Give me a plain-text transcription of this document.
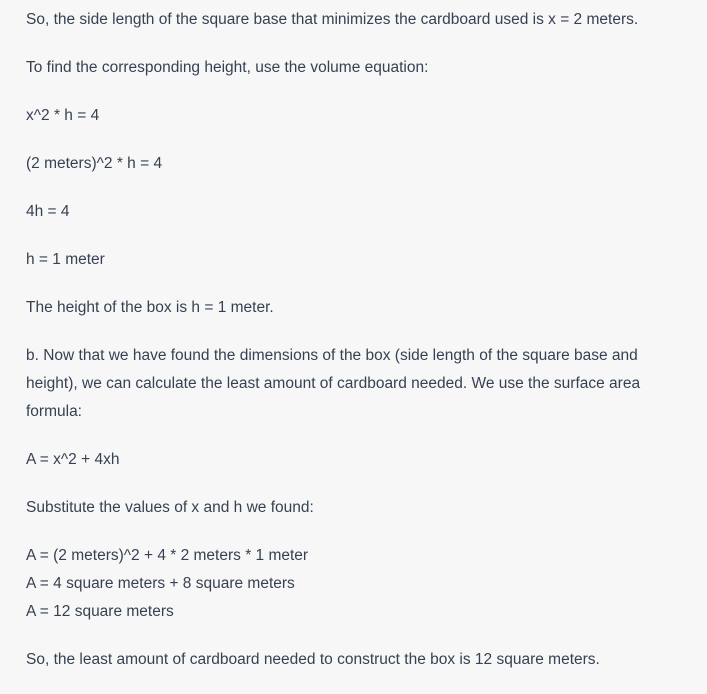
So, the side length of the square base that minimizes the cardboard used is x = 2 meters.

To find the corresponding height, use the volume equation:

x^2 * h = 4

(2 meters)^2 * h = 4

4h = 4

h = 1 meter

The height of the box is h = 1 meter.

b. Now that we have found the dimensions of the box (side length of the square base and height), we can calculate the least amount of cardboard needed. We use the surface area formula:

A = x^2 + 4xh

Substitute the values of x and h we found:

A = (2 meters)^2 + 4 * 2 meters * 1 meter
A = 4 square meters + 8 square meters
A = 12 square meters

So, the least amount of cardboard needed to construct the box is 12 square meters.
